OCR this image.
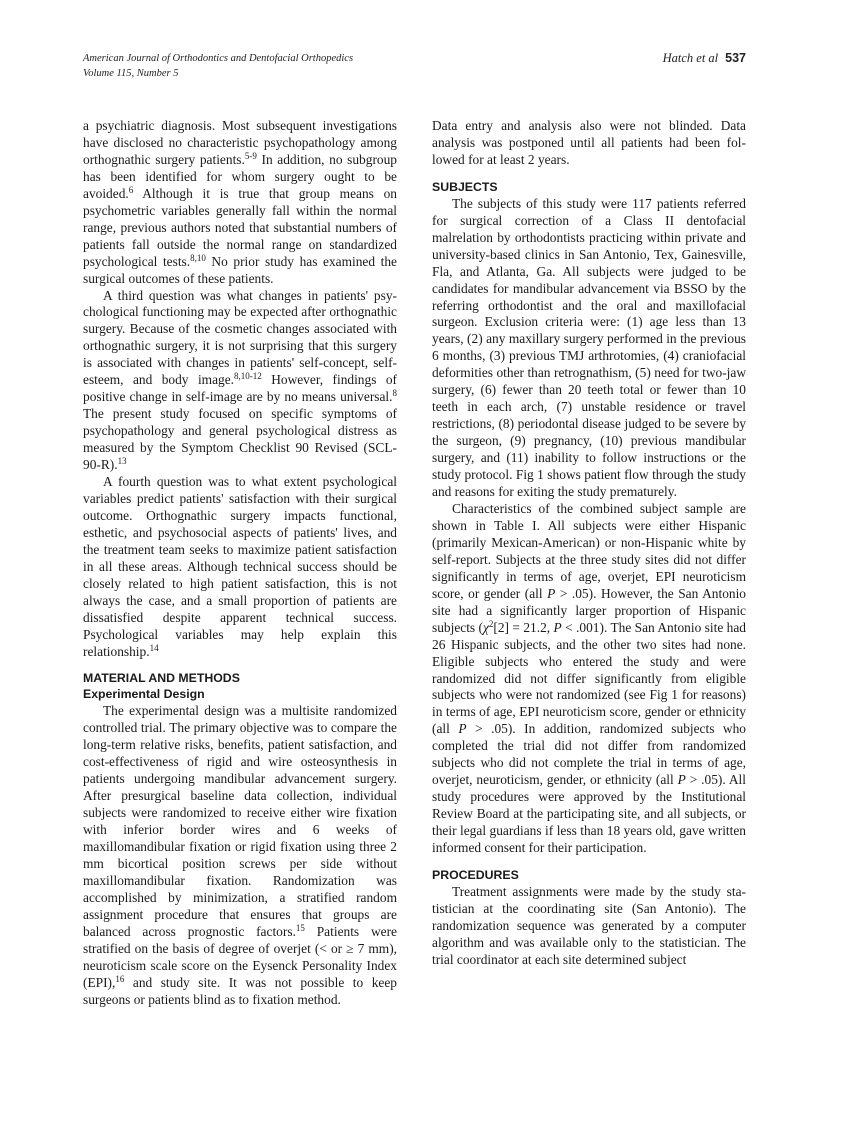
American Journal of Orthodontics and Dentofacial Orthopedics
Volume 115, Number 5
Hatch et al 537

a psychiatric diagnosis. Most subsequent investigations have disclosed no characteristic psychopathology among orthognathic surgery patients.$^{5-9}$ In addition, no subgroup has been identified for whom surgery ought to be avoided.$^6$ Although it is true that group means on psychometric variables generally fall within the normal range, previous authors noted that substantial numbers of patients fall outside the normal range on standardized psychological tests.$^{8,10}$ No prior study has examined the surgical outcomes of these patients.

A third question was what changes in patients' psychological functioning may be expected after orthognathic surgery. Because of the cosmetic changes associated with orthognathic surgery, it is not surprising that this surgery is associated with changes in patients' self-concept, self-esteem, and body image.$^{8,10-12}$ However, findings of positive change in self-image are by no means universal.$^8$ The present study focused on specific symptoms of psychopathology and general psychological distress as measured by the Symptom Checklist 90 Revised (SCL-90-R).$^{13}$

A fourth question was to what extent psychological variables predict patients' satisfaction with their surgical outcome. Orthognathic surgery impacts functional, esthetic, and psychosocial aspects of patients' lives, and the treatment team seeks to maximize patient satisfaction in all these areas. Although technical success should be closely related to high patient satisfaction, this is not always the case, and a small proportion of patients are dissatisfied despite apparent technical success. Psychological variables may help explain this relationship.$^{14}$

MATERIAL AND METHODS
Experimental Design

The experimental design was a multisite randomized controlled trial. The primary objective was to compare the long-term relative risks, benefits, patient satisfaction, and cost-effectiveness of rigid and wire osteosynthesis in patients undergoing mandibular advancement surgery. After presurgical baseline data collection, individual subjects were randomized to receive either wire fixation with inferior border wires and 6 weeks of maxillomandibular fixation or rigid fixation using three 2 mm bicortical position screws per side without maxillomandibular fixation. Randomization was accomplished by minimization, a stratified random assignment procedure that ensures that groups are balanced across prognostic factors.$^{15}$ Patients were stratified on the basis of degree of overjet (< or ≥ 7 mm), neuroticism scale score on the Eysenck Personality Index (EPI),$^{16}$ and study site. It was not possible to keep surgeons or patients blind as to fixation method.

Data entry and analysis also were not blinded. Data analysis was postponed until all patients had been followed for at least 2 years.

SUBJECTS

The subjects of this study were 117 patients referred for surgical correction of a Class II dentofacial malrelation by orthodontists practicing within private and university-based clinics in San Antonio, Tex, Gainesville, Fla, and Atlanta, Ga. All subjects were judged to be candidates for mandibular advancement via BSSO by the referring orthodontist and the oral and maxillofacial surgeon. Exclusion criteria were: (1) age less than 13 years, (2) any maxillary surgery performed in the previous 6 months, (3) previous TMJ arthrotomies, (4) craniofacial deformities other than retrognathism, (5) need for two-jaw surgery, (6) fewer than 20 teeth total or fewer than 10 teeth in each arch, (7) unstable residence or travel restrictions, (8) periodontal disease judged to be severe by the surgeon, (9) pregnancy, (10) previous mandibular surgery, and (11) inability to follow instructions or the study protocol. Fig 1 shows patient flow through the study and reasons for exiting the study prematurely.

Characteristics of the combined subject sample are shown in Table I. All subjects were either Hispanic (primarily Mexican-American) or non-Hispanic white by self-report. Subjects at the three study sites did not differ significantly in terms of age, overjet, EPI neuroticism score, or gender (all P > .05). However, the San Antonio site had a significantly larger proportion of Hispanic subjects ($\chi^2[2] = 21.2$, P < .001). The San Antonio site had 26 Hispanic subjects, and the other two sites had none. Eligible subjects who entered the study and were randomized did not differ significantly from eligible subjects who were not randomized (see Fig 1 for reasons) in terms of age, EPI neuroticism score, gender or ethnicity (all P > .05). In addition, randomized subjects who completed the trial did not differ from randomized subjects who did not complete the trial in terms of age, overjet, neuroticism, gender, or ethnicity (all P > .05). All study procedures were approved by the Institutional Review Board at the participating site, and all subjects, or their legal guardians if less than 18 years old, gave written informed consent for their participation.

PROCEDURES

Treatment assignments were made by the study statistician at the coordinating site (San Antonio). The randomization sequence was generated by a computer algorithm and was available only to the statistician. The trial coordinator at each site determined subject
